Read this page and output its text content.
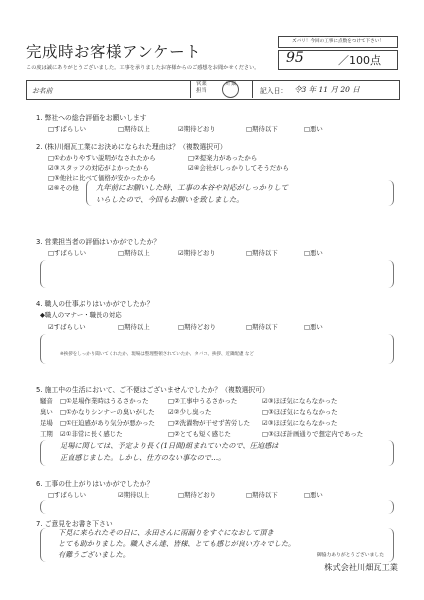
完成時お客様アンケート
この度は誠にありがとうございました。工事を承りましたお客様からのご感想をお聞かせください。
ズバリ！今回の工事に点数をつけて下さい！
95	／100点
お名前
営業
担当
川 畑
記入日： 令3 年 11 月 20 日
1. 弊社への総合評価をお願いします
□すばらしい	□期待以上	☑期待どおり	□期待以下	□悪い
2. (株)川畑瓦工業にお決めになられた理由は？（複数選択可）
□①わかりやすい説明がなされたから	□②提案力があったから
☑③スタッフの対応がよかったから	☑④会社がしっかりしてそうだから
□⑤他社に比べて価格が安かったから
☑⑥その他 九年前にお願いした時、工事の本谷や対応がしっかりして
いらしたので、今回もお願いを致しました。
3. 営業担当者の評価はいかがでしたか？
□すばらしい	□期待以上	☑期待どおり	□期待以下	□悪い
4. 職人の仕事ぶりはいかがでしたか？
◆職人のマナー・職長の対応
☑すばらしい	□期待以上	□期待どおり	□期待以下	□悪い
※挨拶をしっかり聞いてくれたか、現場は整理整頓されていたか、タバコ、挨拶、近隣配慮 など
5. 施工中の生活において、ご不便はございませんでしたか？（複数選択可）
騒音 □①足場作業時はうるさかった	□②工事中うるさかった	☑③ほぼ気にならなかった
臭い □①かなりシンナーの臭いがした ☑②少し臭った	□③ほぼ気にならなかった
足場 □①圧迫感があり気分が悪かった □②洗濯物が干せず苦労した ☑③ほぼ気にならなかった
工期 ☑①非常に長く感じた	□②とても短く感じた	□③ほぼ計画通りで想定内であった
足場に関しては、予定より長く(1日間)組まれていたので、圧迫感は
正直感じました。しかし、仕方のない事なので…。
6. 工事の仕上がりはいかがでしたか？
□すばらしい	☑期待以上	□期待どおり	□期待以下	□悪い
7. ご意見をお書き下さい
下見に来られたその日に、永田さんに雨漏りをすぐになおして頂き
とても助かりました。職人さん達、皆様、とても感じが良い方々でした。
有難うございました。	御協力ありがとうございました
株式会社川畑瓦工業
